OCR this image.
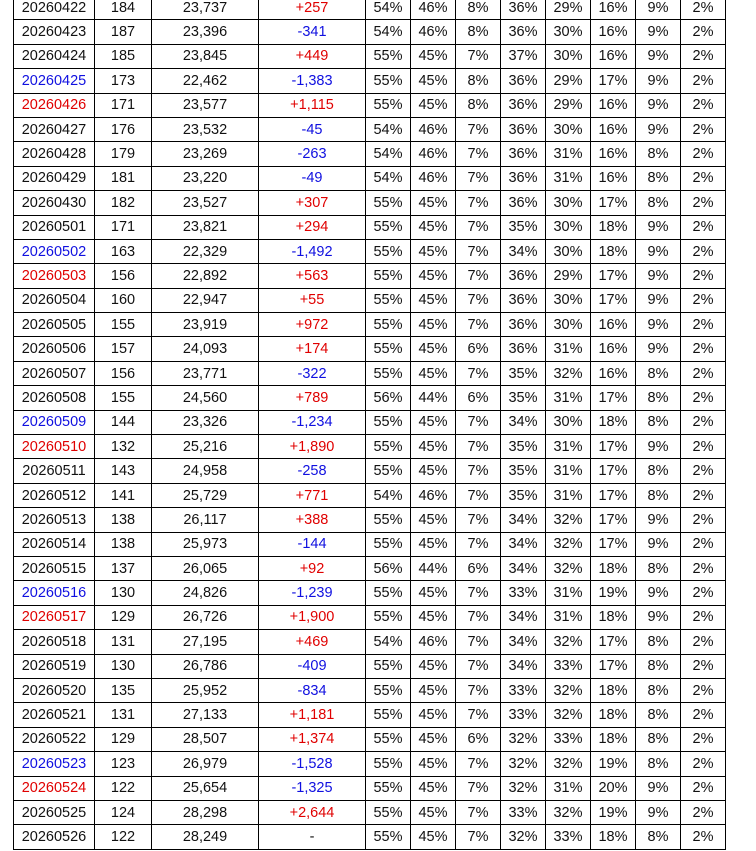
20260422	184	23,737	+257	54%	46%	8%	36%	29%	16%	9%	2%
20260423	187	23,396	-341	54%	46%	8%	36%	30%	16%	9%	2%
20260424	185	23,845	+449	55%	45%	7%	37%	30%	16%	9%	2%
20260425	173	22,462	-1,383	55%	45%	8%	36%	29%	17%	9%	2%
20260426	171	23,577	+1,115	55%	45%	8%	36%	29%	16%	9%	2%
20260427	176	23,532	-45	54%	46%	7%	36%	30%	16%	9%	2%
20260428	179	23,269	-263	54%	46%	7%	36%	31%	16%	8%	2%
20260429	181	23,220	-49	54%	46%	7%	36%	31%	16%	8%	2%
20260430	182	23,527	+307	55%	45%	7%	36%	30%	17%	8%	2%
20260501	171	23,821	+294	55%	45%	7%	35%	30%	18%	9%	2%
20260502	163	22,329	-1,492	55%	45%	7%	34%	30%	18%	9%	2%
20260503	156	22,892	+563	55%	45%	7%	36%	29%	17%	9%	2%
20260504	160	22,947	+55	55%	45%	7%	36%	30%	17%	9%	2%
20260505	155	23,919	+972	55%	45%	7%	36%	30%	16%	9%	2%
20260506	157	24,093	+174	55%	45%	6%	36%	31%	16%	9%	2%
20260507	156	23,771	-322	55%	45%	7%	35%	32%	16%	8%	2%
20260508	155	24,560	+789	56%	44%	6%	35%	31%	17%	8%	2%
20260509	144	23,326	-1,234	55%	45%	7%	34%	30%	18%	8%	2%
20260510	132	25,216	+1,890	55%	45%	7%	35%	31%	17%	9%	2%
20260511	143	24,958	-258	55%	45%	7%	35%	31%	17%	8%	2%
20260512	141	25,729	+771	54%	46%	7%	35%	31%	17%	8%	2%
20260513	138	26,117	+388	55%	45%	7%	34%	32%	17%	9%	2%
20260514	138	25,973	-144	55%	45%	7%	34%	32%	17%	9%	2%
20260515	137	26,065	+92	56%	44%	6%	34%	32%	18%	8%	2%
20260516	130	24,826	-1,239	55%	45%	7%	33%	31%	19%	9%	2%
20260517	129	26,726	+1,900	55%	45%	7%	34%	31%	18%	9%	2%
20260518	131	27,195	+469	54%	46%	7%	34%	32%	17%	8%	2%
20260519	130	26,786	-409	55%	45%	7%	34%	33%	17%	8%	2%
20260520	135	25,952	-834	55%	45%	7%	33%	32%	18%	8%	2%
20260521	131	27,133	+1,181	55%	45%	7%	33%	32%	18%	8%	2%
20260522	129	28,507	+1,374	55%	45%	6%	32%	33%	18%	8%	2%
20260523	123	26,979	-1,528	55%	45%	7%	32%	32%	19%	8%	2%
20260524	122	25,654	-1,325	55%	45%	7%	32%	31%	20%	9%	2%
20260525	124	28,298	+2,644	55%	45%	7%	33%	32%	19%	9%	2%
20260526	122	28,249	-	55%	45%	7%	32%	33%	18%	8%	2%
